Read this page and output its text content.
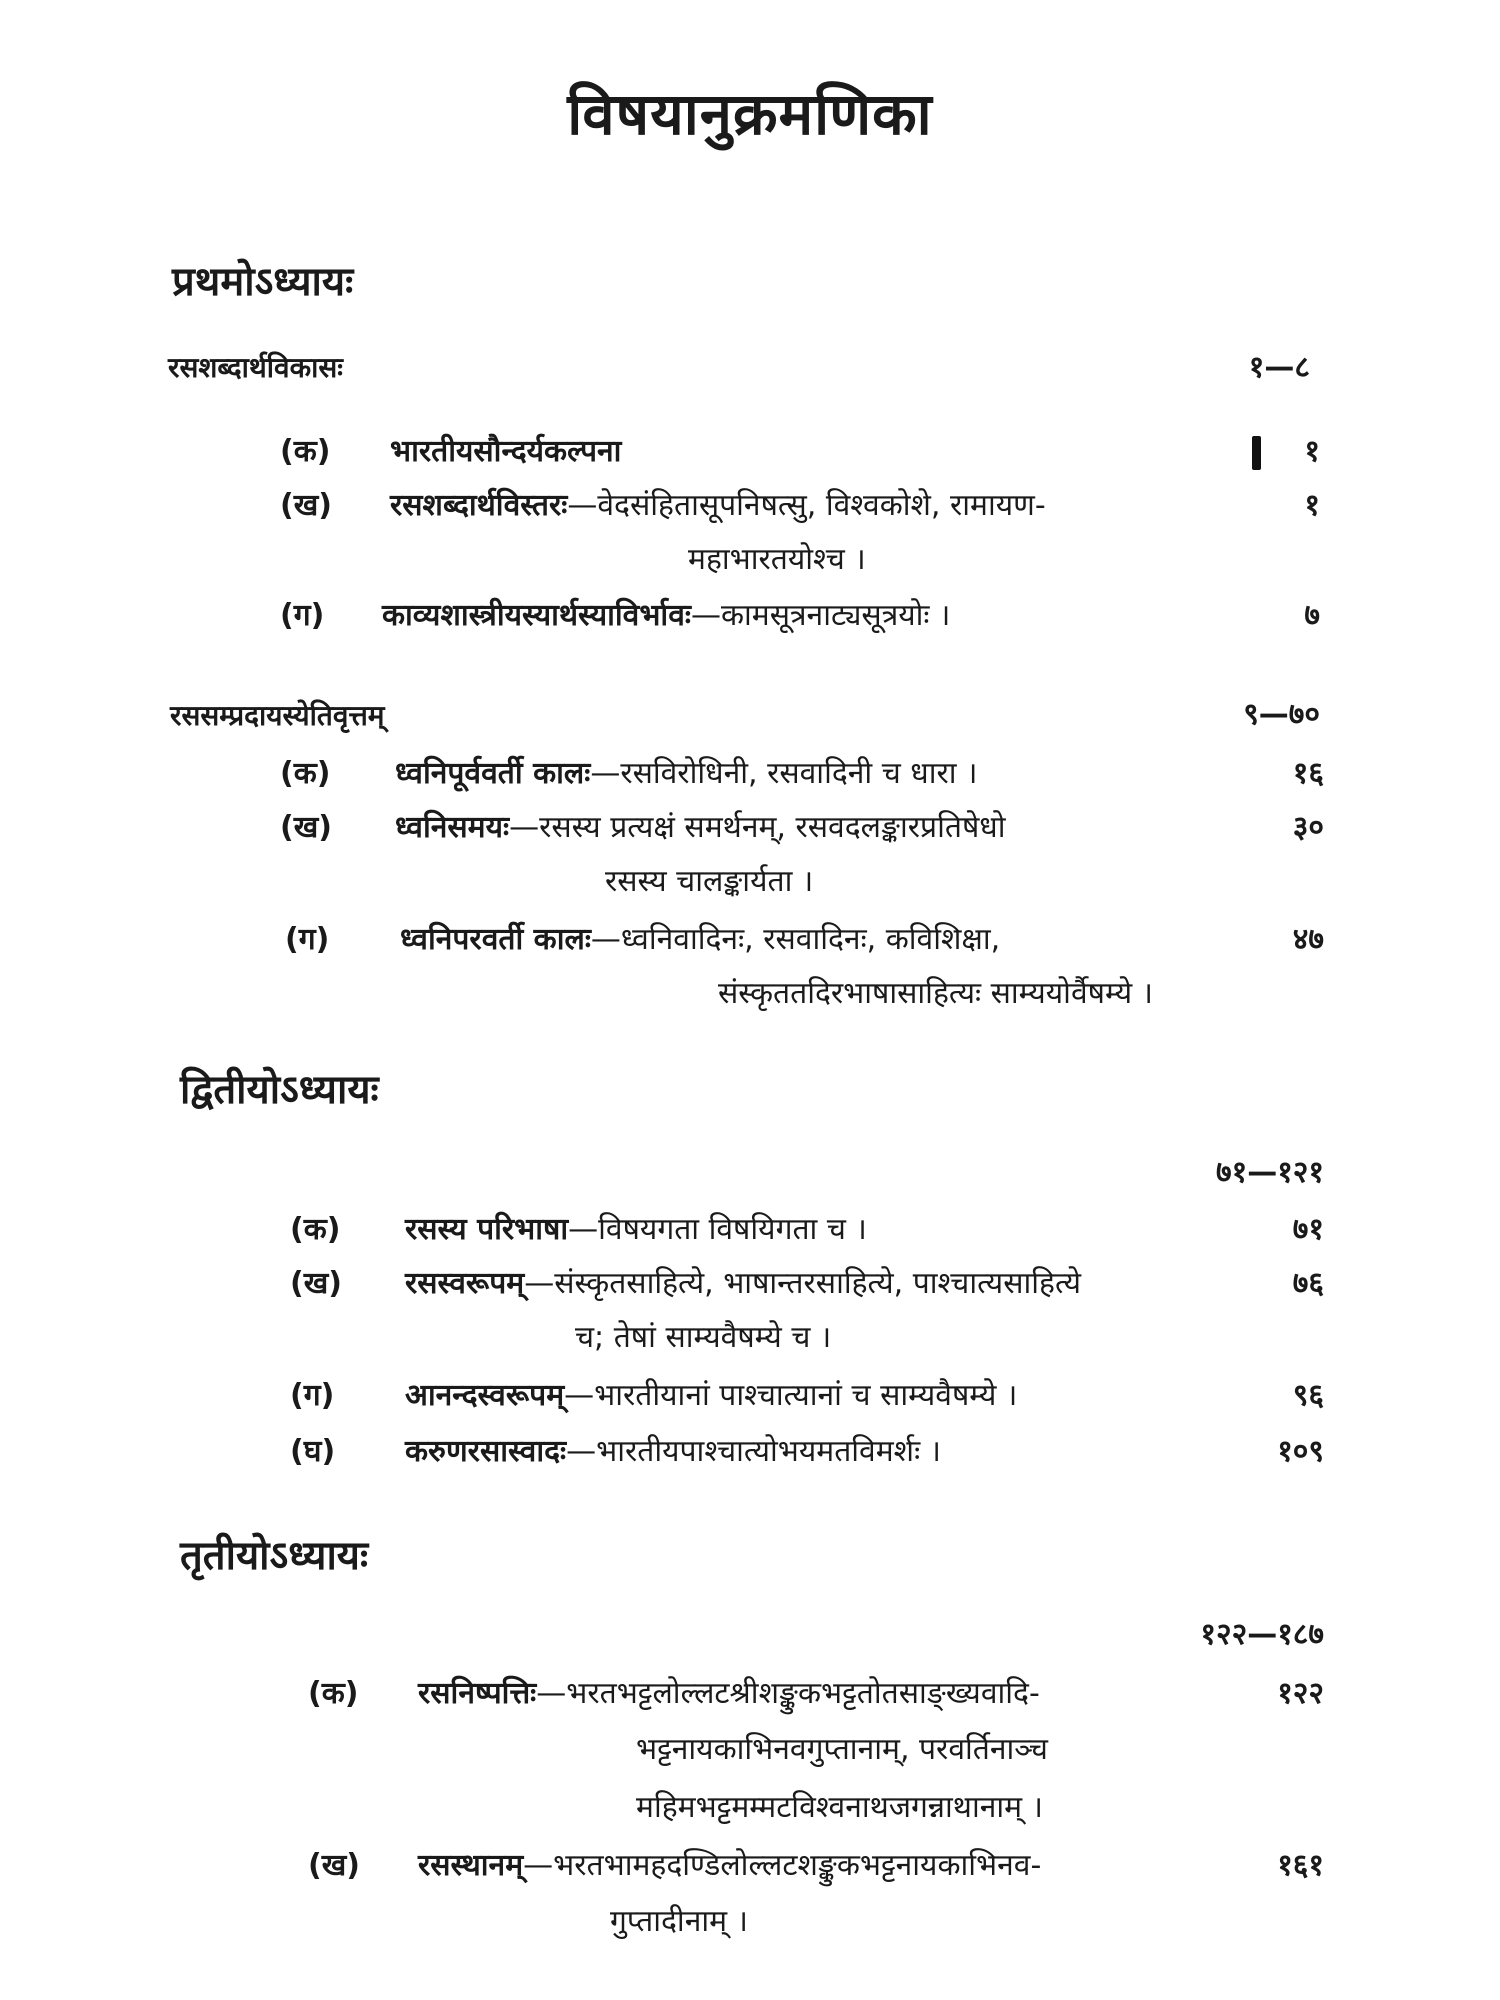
विषयानुक्रमणिका
प्रथमोऽध्यायः
रसशब्दार्थविकासः	१—८
(क) भारतीयसौन्दर्यकल्पना	१
(ख) रसशब्दार्थविस्तरः—वेदसंहितासूपनिषत्सु, विश्वकोशे, रामायण-	१
महाभारतयोश्च ।
(ग) काव्यशास्त्रीयस्यार्थस्याविर्भावः—कामसूत्रनाट्यसूत्रयोः ।	७
रससम्प्रदायस्येतिवृत्तम्	९—७०
(क) ध्वनिपूर्ववर्ती कालः—रसविरोधिनी, रसवादिनी च धारा ।	१६
(ख) ध्वनिसमयः—रसस्य प्रत्यक्षं समर्थनम्, रसवदलङ्कारप्रतिषेधो	३०
रसस्य चालङ्कार्यता ।
(ग) ध्वनिपरवर्ती कालः—ध्वनिवादिनः, रसवादिनः, कविशिक्षा,	४७
संस्कृततदिरभाषासाहित्यः साम्ययोर्वैषम्ये ।
द्वितीयोऽध्यायः
७१—१२१
(क) रसस्य परिभाषा—विषयगता विषयिगता च ।	७१
(ख) रसस्वरूपम्—संस्कृतसाहित्ये, भाषान्तरसाहित्ये, पाश्चात्यसाहित्ये	७६
च; तेषां साम्यवैषम्ये च ।
(ग) आनन्दस्वरूपम्—भारतीयानां पाश्चात्यानां च साम्यवैषम्ये ।	९६
(घ) करुणरसास्वादः—भारतीयपाश्चात्योभयमतविमर्शः ।	१०९
तृतीयोऽध्यायः
१२२—१८७
(क) रसनिष्पत्तिः—भरतभट्टलोल्लटश्रीशङ्कुकभट्टतोतसाङ्ख्यवादि-	१२२
भट्टनायकाभिनवगुप्तानाम्, परवर्तिनाञ्च
महिमभट्टमम्मटविश्वनाथजगन्नाथानाम् ।
(ख) रसस्थानम्—भरतभामहदण्डिलोल्लटशङ्कुकभट्टनायकाभिनव-	१६१
गुप्तादीनाम् ।
